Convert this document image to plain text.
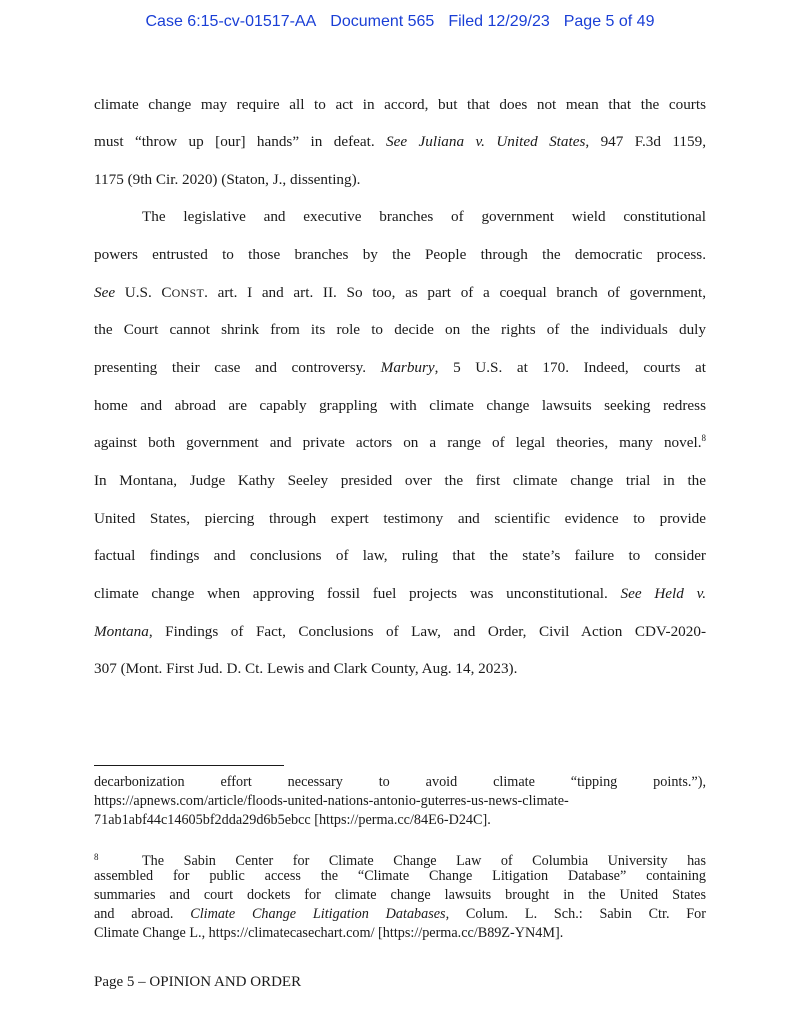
Case 6:15-cv-01517-AA Document 565 Filed 12/29/23 Page 5 of 49
climate change may require all to act in accord, but that does not mean that the courts
must “throw up [our] hands” in defeat. See Juliana v. United States, 947 F.3d 1159,
1175 (9th Cir. 2020) (Staton, J., dissenting).
The legislative and executive branches of government wield constitutional
powers entrusted to those branches by the People through the democratic process.
See U.S. CONST. art. I and art. II. So too, as part of a coequal branch of government,
the Court cannot shrink from its role to decide on the rights of the individuals duly
presenting their case and controversy. Marbury, 5 U.S. at 170. Indeed, courts at
home and abroad are capably grappling with climate change lawsuits seeking redress
against both government and private actors on a range of legal theories, many novel.$^8$
In Montana, Judge Kathy Seeley presided over the first climate change trial in the
United States, piercing through expert testimony and scientific evidence to provide
factual findings and conclusions of law, ruling that the state’s failure to consider
climate change when approving fossil fuel projects was unconstitutional. See Held v.
Montana, Findings of Fact, Conclusions of Law, and Order, Civil Action CDV-2020-
307 (Mont. First Jud. D. Ct. Lewis and Clark County, Aug. 14, 2023).
decarbonization effort necessary to avoid climate “tipping points.”),
https://apnews.com/article/floods-united-nations-antonio-guterres-us-news-climate-
71ab1abf44c14605bf2dda29d6b5ebcc [https://perma.cc/84E6-D24C].
8	The Sabin Center for Climate Change Law of Columbia University has
assembled for public access the “Climate Change Litigation Database” containing
summaries and court dockets for climate change lawsuits brought in the United States
and abroad. Climate Change Litigation Databases, Colum. L. Sch.: Sabin Ctr. For
Climate Change L., https://climatecasechart.com/ [https://perma.cc/B89Z-YN4M].
Page 5 – OPINION AND ORDER
